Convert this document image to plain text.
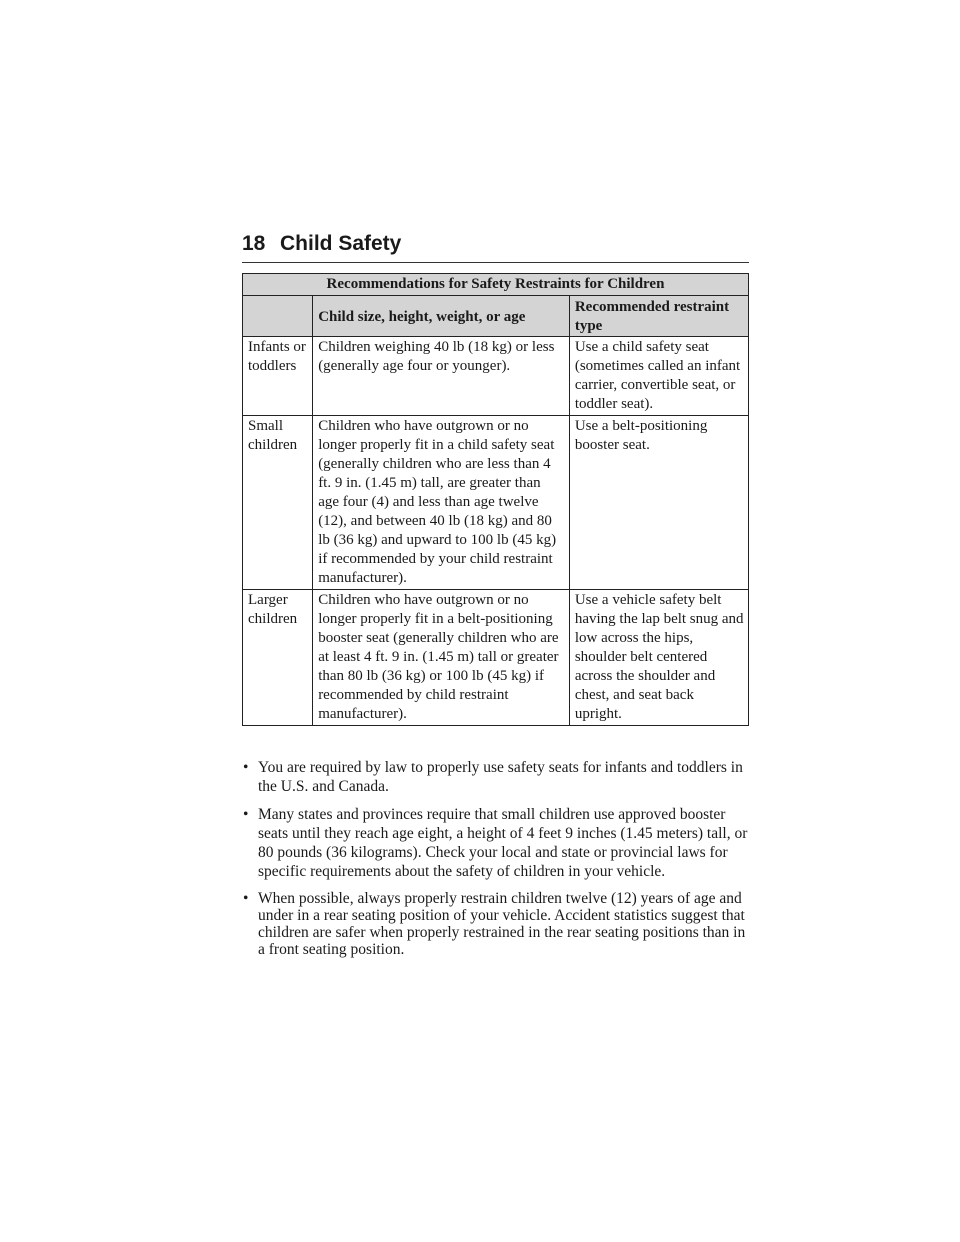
18 Child Safety
Recommendations for Safety Restraints for Children		
	Child size, height, weight, or age	Recommended restraint type
Infants or toddlers	Children weighing 40 lb (18 kg) or less (generally age four or younger).	Use a child safety seat (sometimes called an infant carrier, convertible seat, or toddler seat).
Small children	Children who have outgrown or no longer properly fit in a child safety seat (generally children who are less than 4 ft. 9 in. (1.45 m) tall, are greater than age four (4) and less than age twelve (12), and between 40 lb (18 kg) and 80 lb (36 kg) and upward to 100 lb (45 kg) if recommended by your child restraint manufacturer).	Use a belt-positioning booster seat.
Larger children	Children who have outgrown or no longer properly fit in a belt-positioning booster seat (generally children who are at least 4 ft. 9 in. (1.45 m) tall or greater than 80 lb (36 kg) or 100 lb (45 kg) if recommended by child restraint manufacturer).	Use a vehicle safety belt having the lap belt snug and low across the hips, shoulder belt centered across the shoulder and chest, and seat back upright.
• You are required by law to properly use safety seats for infants and toddlers in the U.S. and Canada.
• Many states and provinces require that small children use approved booster seats until they reach age eight, a height of 4 feet 9 inches (1.45 meters) tall, or 80 pounds (36 kilograms). Check your local and state or provincial laws for specific requirements about the safety of children in your vehicle.
• When possible, always properly restrain children twelve (12) years of age and under in a rear seating position of your vehicle. Accident statistics suggest that children are safer when properly restrained in the rear seating positions than in a front seating position.
